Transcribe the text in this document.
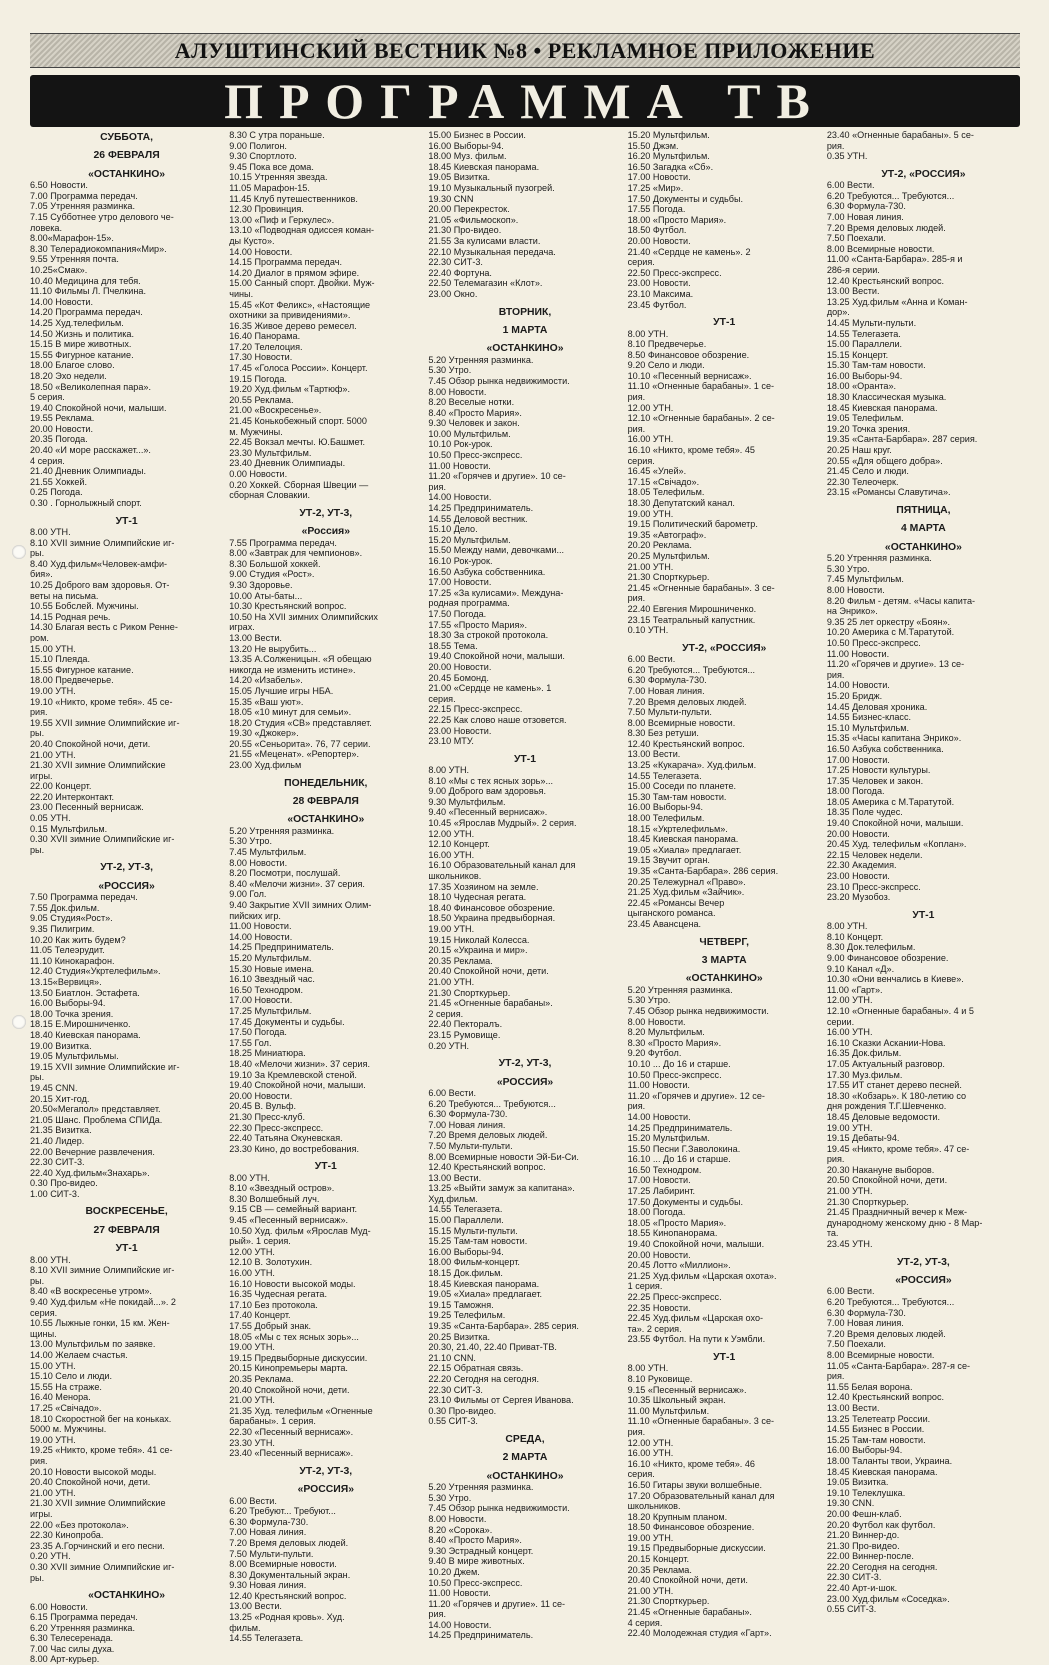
АЛУШТИНСКИЙ ВЕСТНИК №8 • РЕКЛАМНОЕ ПРИЛОЖЕНИЕ
ПРОГРАММА ТВ
СУББОТА,
26 ФЕВРАЛЯ
«ОСТАНКИНО»
6.50 Новости.
7.00 Программа передач.
7.05 Утренняя разминка.
7.15 Субботнее утро делового че-
ловека.
8.00«Марафон-15».
8.30 Телерадиокомпания«Мир».
9.55 Утренняя почта.
10.25«Смак».
10.40 Медицина для тебя.
11.10 Фильмы Л. Пчелкина.
14.00 Новости.
14.20 Программа передач.
14.25 Худ.телефильм.
14.50 Жизнь и политика.
15.15 В мире животных.
15.55 Фигурное катание.
18.00 Благое слово.
18.20 Эхо недели.
18.50 «Великолепная пара».
5 серия.
19.40 Спокойной ночи, малыши.
19.55 Реклама.
20.00 Новости.
20.35 Погода.
20.40 «И море расскажет...».
4 серия.
21.40 Дневник Олимпиады.
21.55 Хоккей.
0.25 Погода.
0.30 . Горнолыжный спорт.
УТ-1
8.00 УТН.
8.10 XVII зимние Олимпийские иг-
ры.
8.40 Худ.фильм«Человек-амфи-
бия».
10.25 Доброго вам здоровья. От-
веты на письма.
10.55 Бобслей. Мужчины.
14.15 Родная речь.
14.30 Благая весть с Риком Ренне-
ром.
15.00 УТН.
15.10 Плеяда.
15.55 Фигурное катание.
18.00 Предвечерье.
19.00 УТН.
19.10 «Никто, кроме тебя». 45 се-
рия.
19.55 XVII зимние Олимпийские иг-
ры.
20.40 Спокойной ночи, дети.
21.00 УТН.
21.30 XVII зимние Олимпийские
игры.
22.00 Концерт.
22.20 Интерконтакт.
23.00 Песенный вернисаж.
0.05 УТН.
0.15 Мультфильм.
0.30 XVII зимние Олимпийские иг-
ры.
УТ-2, УТ-3,
«РОССИЯ»
7.50 Программа передач.
7.55 Док.фильм.
9.05 Студия«Рост».
9.35 Пилигрим.
10.20 Как жить будем?
11.05 Телеэрудит.
11.10 Кинокарафон.
12.40 Студия«Укртелефильм».
13.15«Вервиця».
13.50 Биатлон. Эстафета.
16.00 Выборы-94.
18.00 Точка зрения.
18.15 Е.Мирошниченко.
18.40 Киевская панорама.
19.00 Визитка.
19.05 Мультфильмы.
19.15 XVII зимние Олимпийские иг-
ры.
19.45 CNN.
20.15 Хит-год.
20.50«Мегапол» представляет.
21.05 Шанс. Проблема СПИДа.
21.35 Визитка.
21.40 Лидер.
22.00 Вечерние развлечения.
22.30 СИТ-3.
22.40 Худ.фильм«Знахарь».
0.30 Про-видео.
1.00 СИТ-3.
ВОСКРЕСЕНЬЕ,
27 ФЕВРАЛЯ
УТ-1
8.00 УТН.
8.10 XVII зимние Олимпийские иг-
ры.
8.40 «В воскресенье утром».
9.40 Худ.фильм «Не покидай...». 2
серия.
10.55 Лыжные гонки, 15 км. Жен-
щины.
13.00 Мультфильм по заявке.
14.00 Желаем счастья.
15.00 УТН.
15.10 Село и люди.
15.55 На страже.
16.40 Менора.
17.25 «Свічадо».
18.10 Скоростной бег на коньках.
5000 м. Мужчины.
19.00 УТН.
19.25 «Никто, кроме тебя». 41 се-
рия.
20.10 Новости высокой моды.
20.40 Спокойной ночи, дети.
21.00 УТН.
21.30 XVII зимние Олимпийские
игры.
22.00 «Без протокола».
22.30 Кинопроба.
23.35 А.Горчинский и его песни.
0.20 УТН.
0.30 XVII зимние Олимпийские иг-
ры.
«ОСТАНКИНО»
6.00 Новости.
6.15 Программа передач.
6.20 Утренняя разминка.
6.30 Телесеренада.
7.00 Час силы духа.
8.00 Арт-курьер.
8.30 С утра пораньше.
9.00 Полигон.
9.30 Спортлото.
9.45 Пока все дома.
10.15 Утренняя звезда.
11.05 Марафон-15.
11.45 Клуб путешественников.
12.30 Провинция.
13.00 «Пиф и Геркулес».
13.10 «Подводная одиссея коман-
ды Кусто».
14.00 Новости.
14.15 Программа передач.
14.20 Диалог в прямом эфире.
15.00 Санный спорт. Двойки. Муж-
чины.
15.45 «Кот Феликс», «Настоящие
охотники за привидениями».
16.35 Живое дерево ремесел.
16.40 Панорама.
17.20 Телелоция.
17.30 Новости.
17.45 «Голоса России». Концерт.
19.15 Погода.
19.20 Худ.фильм «Тартюф».
20.55 Реклама.
21.00 «Воскресенье».
21.45 Конькобежный спорт. 5000
м. Мужчины.
22.45 Вокзал мечты. Ю.Башмет.
23.30 Мультфильм.
23.40 Дневник Олимпиады.
0.00 Новости.
0.20 Хоккей. Сборная Швеции —
сборная Словакии.
УТ-2, УТ-3,
«Россия»
7.55 Программа передач.
8.00 «Завтрак для чемпионов».
8.30 Большой хоккей.
9.00 Студия «Рост».
9.30 Здоровье.
10.00 Аты-баты...
10.30 Крестьянский вопрос.
10.50 На XVII зимних Олимпийских
играх.
13.00 Вести.
13.20 Не вырубить...
13.35 А.Солженицын. «Я обещаю
никогда не изменить истине».
14.20 «Изабель».
15.05 Лучшие игры НБА.
15.35 «Ваш уют».
18.05 «10 минут для семьи».
18.20 Студия «СВ» представляет.
19.30 «Джокер».
20.55 «Сеньорита». 76, 77 серии.
21.55 «Меценат». «Репортер».
23.00 Худ.фильм
ПОНЕДЕЛЬНИК,
28 ФЕВРАЛЯ
«ОСТАНКИНО»
5.20 Утренняя разминка.
5.30 Утро.
7.45 Мультфильм.
8.00 Новости.
8.20 Посмотри, послушай.
8.40 «Мелочи жизни». 37 серия.
9.00 Гол.
9.40 Закрытие XVII зимних Олим-
пийских игр.
11.00 Новости.
14.00 Новости.
14.25 Предприниматель.
15.20 Мультфильм.
15.30 Новые имена.
16.10 Звездный час.
16.50 Технодром.
17.00 Новости.
17.25 Мультфильм.
17.45 Документы и судьбы.
17.50 Погода.
17.55 Гол.
18.25 Миниатюра.
18.40 «Мелочи жизни». 37 серия.
19.10 За Кремлевской стеной.
19.40 Спокойной ночи, малыши.
20.00 Новости.
20.45 В. Вульф.
21.30 Пресс-клуб.
22.30 Пресс-экспресс.
22.40 Татьяна Окуневская.
23.30 Кино, до востребования.
УТ-1
8.00 УТН.
8.10 «Звездный остров».
8.30 Волшебный луч.
9.15 СВ — семейный вариант.
9.45 «Песенный вернисаж».
10.50 Худ. фильм «Ярослав Муд-
рый». 1 серия.
12.00 УТН.
12.10 В. Золотухин.
16.00 УТН.
16.10 Новости высокой моды.
16.35 Чудесная регата.
17.10 Без протокола.
17.40 Концерт.
17.55 Добрый знак.
18.05 «Мы с тех ясных зорь»...
19.00 УТН.
19.15 Предвыборные дискуссии.
20.15 Кинопремьеры марта.
20.35 Реклама.
20.40 Спокойной ночи, дети.
21.00 УТН.
21.35 Худ. телефильм «Огненные
барабаны». 1 серия.
22.30 «Песенный вернисаж».
23.30 УТН.
23.40 «Песенный вернисаж».
УТ-2, УТ-3,
«РОССИЯ»
6.00 Вести.
6.20 Требуют... Требуют...
6.30 Формула-730.
7.00 Новая линия.
7.20 Время деловых людей.
7.50 Мульти-пульти.
8.00 Всемирные новости.
8.30 Документальный экран.
9.30 Новая линия.
12.40 Крестьянский вопрос.
13.00 Вести.
13.25 «Родная кровь». Худ.
фильм.
14.55 Телегазета.
15.00 Бизнес в России.
16.00 Выборы-94.
18.00 Муз. фильм.
18.45 Киевская панорама.
19.05 Визитка.
19.10 Музыкальный пузогрей.
19.30 CNN
20.00 Перекресток.
21.05 «Фильмоскоп».
21.30 Про-видео.
21.55 За кулисами власти.
22.10 Музыкальная передача.
22.30 СИТ-3.
22.40 Фортуна.
22.50 Телемагазин «Клот».
23.00 Окно.
ВТОРНИК,
1 МАРТА
«ОСТАНКИНО»
5.20 Утренняя разминка.
5.30 Утро.
7.45 Обзор рынка недвижимости.
8.00 Новости.
8.20 Веселые нотки.
8.40 «Просто Мария».
9.30 Человек и закон.
10.00 Мультфильм.
10.10 Рок-урок.
10.50 Пресс-экспресс.
11.00 Новости.
11.20 «Горячев и другие». 10 се-
рия.
14.00 Новости.
14.25 Предприниматель.
14.55 Деловой вестник.
15.10 Дело.
15.20 Мультфильм.
15.50 Между нами, девочками...
16.10 Рок-урок.
16.50 Азбука собственника.
17.00 Новости.
17.25 «За кулисами». Междуна-
родная программа.
17.50 Погода.
17.55 «Просто Мария».
18.30 За строкой протокола.
18.55 Тема.
19.40 Спокойной ночи, малыши.
20.00 Новости.
20.45 Бомонд.
21.00 «Сердце не камень». 1
серия.
22.15 Пресс-экспресс.
22.25 Как слово наше отзовется.
23.00 Новости.
23.10 МТУ.
УТ-1
8.00 УТН.
8.10 «Мы с тех ясных зорь»...
9.00 Доброго вам здоровья.
9.30 Мультфильм.
9.40 «Песенный вернисаж».
10.45 «Ярослав Мудрый». 2 серия.
12.00 УТН.
12.10 Концерт.
16.00 УТН.
16.10 Образовательный канал для
школьников.
17.35 Хозяином на земле.
18.10 Чудесная регата.
18.40 Финансовое обозрение.
18.50 Украина предвыборная.
19.00 УТН.
19.15 Николай Колесса.
20.15 «Украина и мир».
20.35 Реклама.
20.40 Спокойной ночи, дети.
21.00 УТН.
21.30 Спорткурьер.
21.45 «Огненные барабаны».
2 серия.
22.40 Пекторалъ.
23.15 Румовище.
0.20 УТН.
УТ-2, УТ-3,
«РОССИЯ»
6.00 Вести.
6.20 Требуются... Требуются...
6.30 Формула-730.
7.00 Новая линия.
7.20 Время деловых людей.
7.50 Мульти-пульти.
8.00 Всемирные новости Эй-Би-Си.
12.40 Крестьянский вопрос.
13.00 Вести.
13.25 «Выйти замуж за капитана».
Худ.фильм.
14.55 Телегазета.
15.00 Параллели.
15.15 Мульти-пульти.
15.25 Там-там новости.
16.00 Выборы-94.
18.00 Фильм-концерт.
18.15 Док.фильм.
18.45 Киевская панорама.
19.05 «Хиала» предлагает.
19.15 Таможня.
19.25 Телефильм.
19.35 «Санта-Барбара». 285 серия.
20.25 Визитка.
20.30, 21.40, 22.40 Приват-ТВ.
21.10 CNN.
22.15 Обратная связь.
22.20 Сегодня на сегодня.
22.30 СИТ-3.
23.10 Фильмы от Сергея Иванова.
0.30 Про-видео.
0.55 СИТ-3.
СРЕДА,
2 МАРТА
«ОСТАНКИНО»
5.20 Утренняя разминка.
5.30 Утро.
7.45 Обзор рынка недвижимости.
8.00 Новости.
8.20 «Сорока».
8.40 «Просто Мария».
9.30 Эстрадный концерт.
9.40 В мире животных.
10.20 Джем.
10.50 Пресс-экспресс.
11.00 Новости.
11.20 «Горячев и другие». 11 се-
рия.
14.00 Новости.
14.25 Предприниматель.
15.20 Мультфильм.
15.50 Джэм.
16.20 Мультфильм.
16.50 Загадка «Сб».
17.00 Новости.
17.25 «Мир».
17.50 Документы и судьбы.
17.55 Погода.
18.00 «Просто Мария».
18.50 Футбол.
20.00 Новости.
21.40 «Сердце не камень». 2
серия.
22.50 Пресс-экспресс.
23.00 Новости.
23.10 Максима.
23.45 Футбол.
УТ-1
8.00 УТН.
8.10 Предвечерье.
8.50 Финансовое обозрение.
9.20 Село и люди.
10.10 «Песенный вернисаж».
11.10 «Огненные барабаны». 1 се-
рия.
12.00 УТН.
12.10 «Огненные барабаны». 2 се-
рия.
16.00 УТН.
16.10 «Никто, кроме тебя». 45
серия.
16.45 «Улей».
17.15 «Свічадо».
18.05 Телефильм.
18.30 Депутатский канал.
19.00 УТН.
19.15 Политический барометр.
19.35 «Автограф».
20.20 Реклама.
20.25 Мультфильм.
21.00 УТН.
21.30 Спорткурьер.
21.45 «Огненные барабаны». 3 се-
рия.
22.40 Евгения Мирошниченко.
23.15 Театральный капустник.
0.10 УТН.
УТ-2, «РОССИЯ»
6.00 Вести.
6.20 Требуются... Требуются...
6.30 Формула-730.
7.00 Новая линия.
7.20 Время деловых людей.
7.50 Мульти-пульти.
8.00 Всемирные новости.
8.30 Без ретуши.
12.40 Крестьянский вопрос.
13.00 Вести.
13.25 «Кукарача». Худ.фильм.
14.55 Телегазета.
15.00 Соседи по планете.
15.30 Там-там новости.
16.00 Выборы-94.
18.00 Телефильм.
18.15 «Укртелефильм».
18.45 Киевская панорама.
19.05 «Хиала» предлагает.
19.15 Звучит орган.
19.35 «Санта-Барбара». 286 серия.
20.25 Тележурнал «Право».
21.25 Худ.фильм «Зайчик».
22.45 «Романсы Вечер
цыганского романса.
23.45 Авансцена.
ЧЕТВЕРГ,
3 МАРТА
«ОСТАНКИНО»
5.20 Утренняя разминка.
5.30 Утро.
7.45 Обзор рынка недвижимости.
8.00 Новости.
8.20 Мультфильм.
8.30 «Просто Мария».
9.20 Футбол.
10.10 ... До 16 и старше.
10.50 Пресс-экспресс.
11.00 Новости.
11.20 «Горячев и другие». 12 се-
рия.
14.00 Новости.
14.25 Предприниматель.
15.20 Мультфильм.
15.50 Песни Г.Заволокина.
16.10 ... До 16 и старше.
16.50 Технодром.
17.00 Новости.
17.25 Лабиринт.
17.50 Документы и судьбы.
18.00 Погода.
18.05 «Просто Мария».
18.55 Кинопанорама.
19.40 Спокойной ночи, малыши.
20.00 Новости.
20.45 Лотто «Миллион».
21.25 Худ.фильм «Царская охота».
1 серия.
22.25 Пресс-экспресс.
22.35 Новости.
22.45 Худ.фильм «Царская охо-
та». 2 серия.
23.55 Футбол. На пути к Уэмбли.
УТ-1
8.00 УТН.
8.10 Руковище.
9.15 «Песенный вернисаж».
10.35 Школьный экран.
11.00 Мультфильм.
11.10 «Огненные барабаны». 3 се-
рия.
12.00 УТН.
16.00 УТН.
16.10 «Никто, кроме тебя». 46
серия.
16.50 Гитары звуки волшебные.
17.20 Образовательный канал для
школьников.
18.20 Крупным планом.
18.50 Финансовое обозрение.
19.00 УТН.
19.15 Предвыборные дискуссии.
20.15 Концерт.
20.35 Реклама.
20.40 Спокойной ночи, дети.
21.00 УТН.
21.30 Спорткурьер.
21.45 «Огненные барабаны».
4 серия.
22.40 Молодежная студия «Гарт».
23.40 «Огненные барабаны». 5 се-
рия.
0.35 УТН.
УТ-2, «РОССИЯ»
6.00 Вести.
6.20 Требуются... Требуются...
6.30 Формула-730.
7.00 Новая линия.
7.20 Время деловых людей.
7.50 Поехали.
8.00 Всемирные новости.
11.00 «Санта-Барбара». 285-я и
286-я серии.
12.40 Крестьянский вопрос.
13.00 Вести.
13.25 Худ.фильм «Анна и Коман-
дор».
14.45 Мульти-пульти.
14.55 Телегазета.
15.00 Параллели.
15.15 Концерт.
15.30 Там-там новости.
16.00 Выборы-94.
18.00 «Оранта».
18.30 Классическая музыка.
18.45 Киевская панорама.
19.05 Телефильм.
19.20 Точка зрения.
19.35 «Санта-Барбара». 287 серия.
20.25 Наш круг.
20.55 «Для общего добра».
21.45 Село и люди.
22.30 Телеочерк.
23.15 «Романсы Славутича».
ПЯТНИЦА,
4 МАРТА
«ОСТАНКИНО»
5.20 Утренняя разминка.
5.30 Утро.
7.45 Мультфильм.
8.00 Новости.
8.20 Фильм - детям. «Часы капита-
на Энрико».
9.35 25 лет оркестру «Боян».
10.20 Америка с М.Таратутой.
10.50 Пресс-экспресс.
11.00 Новости.
11.20 «Горячев и другие». 13 се-
рия.
14.00 Новости.
15.20 Бридж.
14.45 Деловая хроника.
14.55 Бизнес-класс.
15.10 Мультфильм.
15.35 «Часы капитана Энрико».
16.50 Азбука собственника.
17.00 Новости.
17.25 Новости культуры.
17.35 Человек и закон.
18.00 Погода.
18.05 Америка с М.Таратутой.
18.35 Поле чудес.
19.40 Спокойной ночи, малыши.
20.00 Новости.
20.45 Худ. телефильм «Коплан».
22.15 Человек недели.
22.30 Академия.
23.00 Новости.
23.10 Пресс-экспресс.
23.20 Музобоз.
УТ-1
8.00 УТН.
8.10 Концерт.
8.30 Док.телефильм.
9.00 Финансовое обозрение.
9.10 Канал «Д».
10.30 «Они венчались в Киеве».
11.00 «Гарт».
12.00 УТН.
12.10 «Огненные барабаны». 4 и 5
серии.
16.00 УТН.
16.10 Сказки Аскании-Нова.
16.35 Док.фильм.
17.05 Актуальный разговор.
17.30 Муз.фильм.
17.55 ИТ станет дерево песней.
18.30 «Кобзарь». К 180-летию со
дня рождения Т.Г.Шевченко.
18.45 Деловые ведомости.
19.00 УТН.
19.15 Дебаты-94.
19.45 «Никто, кроме тебя». 47 се-
рия.
20.30 Накануне выборов.
20.50 Спокойной ночи, дети.
21.00 УТН.
21.30 Спорткурьер.
21.45 Праздничный вечер к Меж-
дународному женскому дню - 8 Мар-
та.
23.45 УТН.
УТ-2, УТ-3,
«РОССИЯ»
6.00 Вести.
6.20 Требуются... Требуются...
6.30 Формула-730.
7.00 Новая линия.
7.20 Время деловых людей.
7.50 Поехали.
8.00 Всемирные новости.
11.05 «Санта-Барбара». 287-я се-
рия.
11.55 Белая ворона.
12.40 Крестьянский вопрос.
13.00 Вести.
13.25 Телетеатр России.
14.55 Бизнес в России.
15.25 Там-там новости.
16.00 Выборы-94.
18.00 Таланты твои, Украина.
18.45 Киевская панорама.
19.05 Визитка.
19.10 Телеклушка.
19.30 CNN.
20.00 Фешн-клаб.
20.20 Футбол как футбол.
21.20 Виннер-до.
21.30 Про-видео.
22.00 Виннер-после.
22.20 Сегодня на сегодня.
22.30 СИТ-3.
22.40 Арт-и-шок.
23.00 Худ.фильм «Соседка».
0.55 СИТ-3.
